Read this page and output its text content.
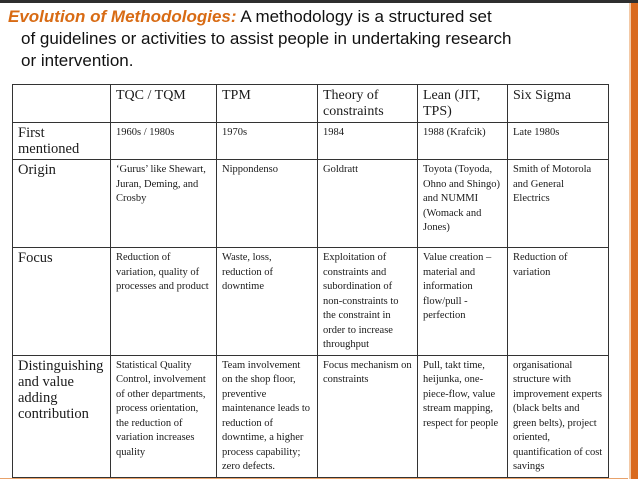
Evolution of Methodologies: A methodology is a structured set
of guidelines or activities to assist people in undertaking research
or intervention.
	TQC / TQM	TPM	Theory of constraints	Lean (JIT, TPS)	Six Sigma
First mentioned	1960s / 1980s	1970s	1984	1988 (Krafcik)	Late 1980s
Origin	‘Gurus’ like Shewart, Juran, Deming, and Crosby	Nippondenso	Goldratt	Toyota (Toyoda, Ohno and Shingo) and NUMMI (Womack and Jones)	Smith of Motorola and General Electrics
Focus	Reduction of variation, quality of processes and product	Waste, loss, reduction of downtime	Exploitation of constraints and subordination of non-constraints to the constraint in order to increase throughput	Value creation – material and information flow/pull - perfection	Reduction of variation
Distinguishing and value adding contribution	Statistical Quality Control, involvement of other departments, process orientation, the reduction of variation increases quality	Team involvement on the shop floor, preventive maintenance leads to reduction of downtime, a higher process capability; zero defects.	Focus mechanism on constraints	Pull, takt time, heijunka, one-piece-flow, value stream mapping, respect for people	organisational structure with improvement experts (black belts and green belts), project oriented, quantification of cost savings
